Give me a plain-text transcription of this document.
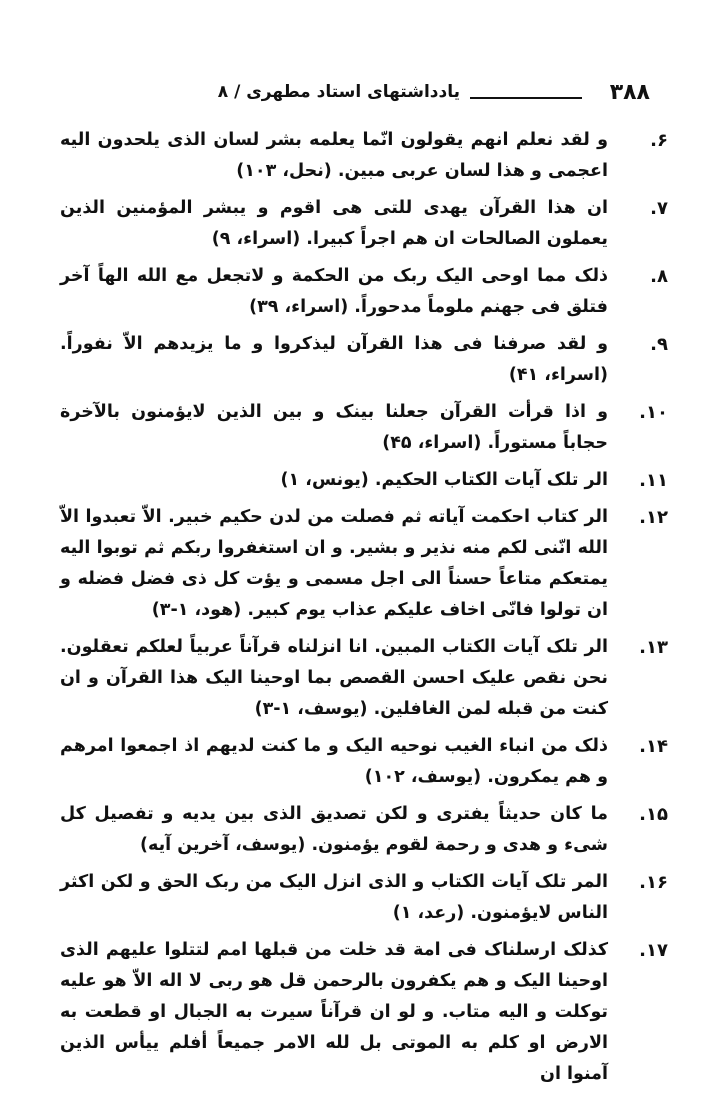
۳۸۸
یادداشتهای استاد مطهری / ۸
۶.
و لقد نعلم انهم يقولون انّما يعلمه بشر لسان الذی يلحدون اليه اعجمی و هذا لسان عربی مبين. (نحل، ۱۰۳)
۷.
ان هذا القرآن يهدی للتی هی اقوم و يبشر المؤمنين الذين يعملون الصالحات ان هم اجراً كبيرا. (اسراء، ۹)
۸.
ذلک مما اوحی اليک ربک من الحکمة و لاتجعل مع الله الهاً آخر فتلق فی جهنم ملوماً مدحوراً. (اسراء، ۳۹)
۹.
و لقد صرفنا فی هذا القرآن ليذکروا و ما يزيدهم الاّ نفوراً. (اسراء، ۴۱)
۱۰.
و اذا قرأت القرآن جعلنا بينک و بين الذين لايؤمنون بالآخرة حجاباً مستوراً. (اسراء، ۴۵)
۱۱.
الر تلک آيات الکتاب الحکيم. (يونس، ۱)
۱۲.
الر کتاب احکمت آياته ثم فصلت من لدن حکيم خبير. الاّ تعبدوا الاّ الله انّنی لکم منه نذير و بشير. و ان استغفروا ربکم ثم توبوا اليه يمتعکم متاعاً حسناً الی اجل مسمی و يؤت کل ذی فضل فضله و ان تولوا فانّی اخاف عليکم عذاب يوم کبير. (هود، ۱-۳)
۱۳.
الر تلک آيات الکتاب المبين. انا انزلناه قرآناً عربياً لعلکم تعقلون. نحن نقص عليک احسن القصص بما اوحينا اليک هذا القرآن و ان کنت من قبله لمن الغافلين. (يوسف، ۱-۳)
۱۴.
ذلک من انباء الغيب نوحيه اليک و ما کنت لديهم اذ اجمعوا امرهم و هم يمکرون. (يوسف، ۱۰۲)
۱۵.
ما کان حديثاً يفتری و لکن تصديق الذی بين يديه و تفصيل کل شیء و هدی و رحمة لقوم يؤمنون. (يوسف، آخرين آيه)
۱۶.
المر تلک آيات الکتاب و الذی انزل اليک من ربک الحق و لکن اکثر الناس لايؤمنون. (رعد، ۱)
۱۷.
کذلک ارسلناک فی امة قد خلت من قبلها امم لتتلوا عليهم الذی اوحينا اليک و هم يکفرون بالرحمن قل هو ربی لا اله الاّ هو عليه توکلت و اليه متاب. و لو ان قرآناً سيرت به الجبال او قطعت به الارض او کلم به الموتی بل لله الامر جميعاً أفلم ييأس الذين آمنوا ان
